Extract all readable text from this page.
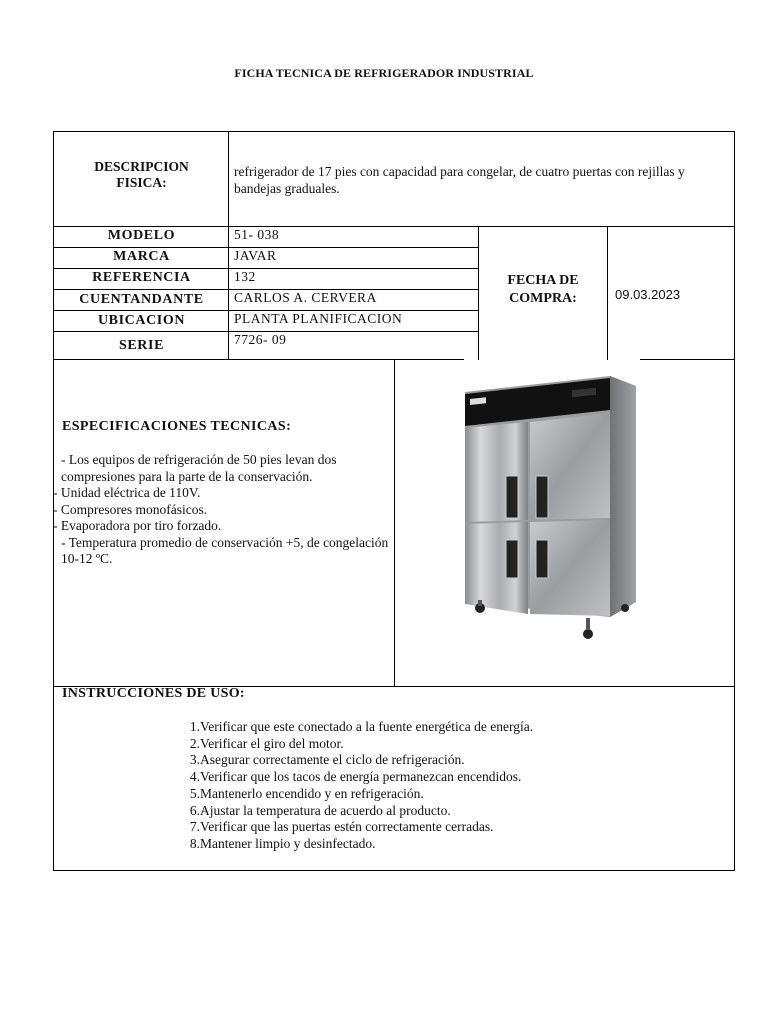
FICHA TECNICA DE REFRIGERADOR INDUSTRIAL
DESCRIPCION
FISICA:
refrigerador de 17 pies con capacidad para congelar, de cuatro puertas con rejillas y bandejas graduales.
MODELO
MARCA
REFERENCIA
CUENTANDANTE
UBICACION
SERIE
51- 038
JAVAR
132
CARLOS A. CERVERA
PLANTA PLANIFICACION
7726- 09
FECHA DE
COMPRA:	09.03.2023
ESPECIFICACIONES TECNICAS:
- Los equipos de refrigeración de 50 pies levan dos compresiones para la parte de la conservación.
- Unidad eléctrica de 110V.
- Compresores monofásicos.
- Evaporadora por tiro forzado.
- Temperatura promedio de conservación +5, de congelación 10-12 ºC.
INSTRUCCIONES DE USO:
1. Verificar que este conectado a la fuente energética de energía.
2. Verificar el giro del motor.
3. Asegurar correctamente el ciclo de refrigeración.
4. Verificar que los tacos de energía permanezcan encendidos.
5. Mantenerlo encendido y en refrigeración.
6. Ajustar la temperatura de acuerdo al producto.
7. Verificar que las puertas estén correctamente cerradas.
8. Mantener limpio y desinfectado.
